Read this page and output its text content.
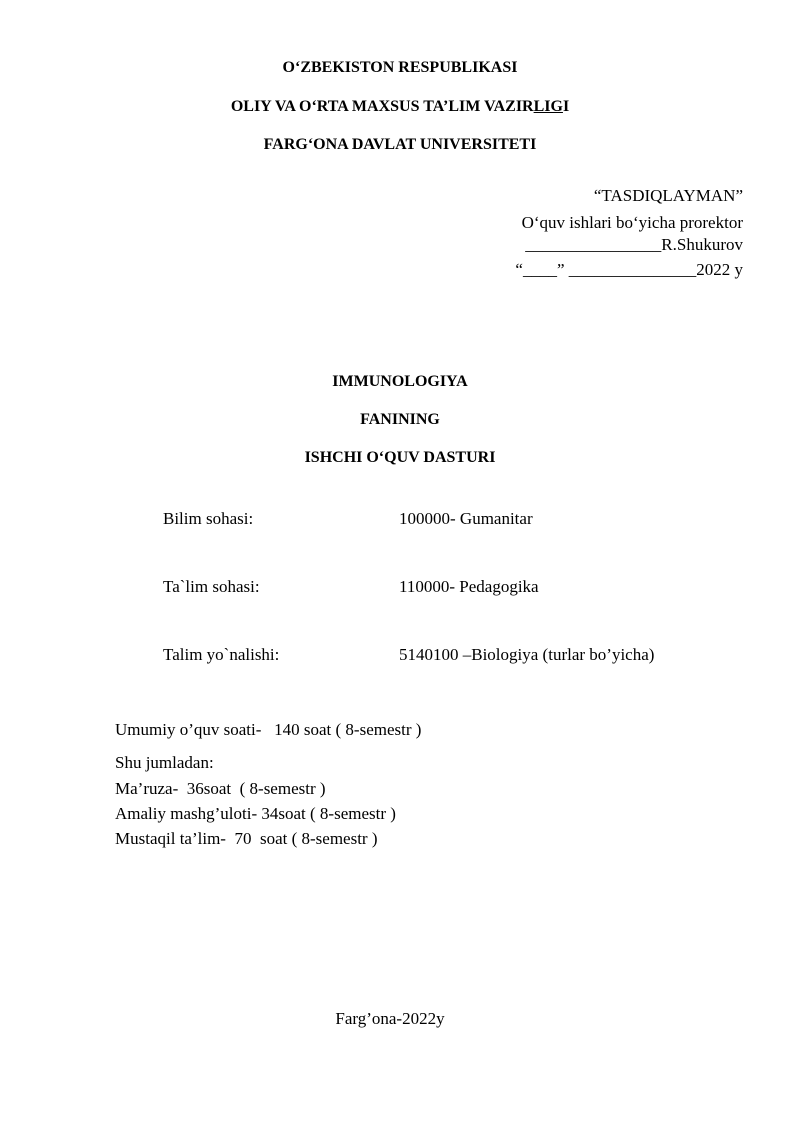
O‘ZBEKISTON RESPUBLIKASI
OLIY VA O‘RTA MAXSUS TA’LIM VAZIRLIGI
FARG‘ONA DAVLAT UNIVERSITETI
“TASDIQLAYMAN”
O‘quv ishlari bo‘yicha prorektor
________________R.Shukurov
“____” _______________2022 y
IMMUNOLOGIYA
FANINING
ISHCHI O‘QUV DASTURI
Bilim sohasi:	100000- Gumanitar
Ta`lim sohasi:	110000- Pedagogika
Talim yo`nalishi:	5140100 –Biologiya (turlar bo’yicha)
Umumiy o’quv soati-   140 soat ( 8-semestr )
Shu jumladan:
Ma’ruza-  36soat  ( 8-semestr )
Amaliy mashg’uloti- 34soat ( 8-semestr )
Mustaqil ta’lim-  70  soat ( 8-semestr )
Farg’ona-2022y
